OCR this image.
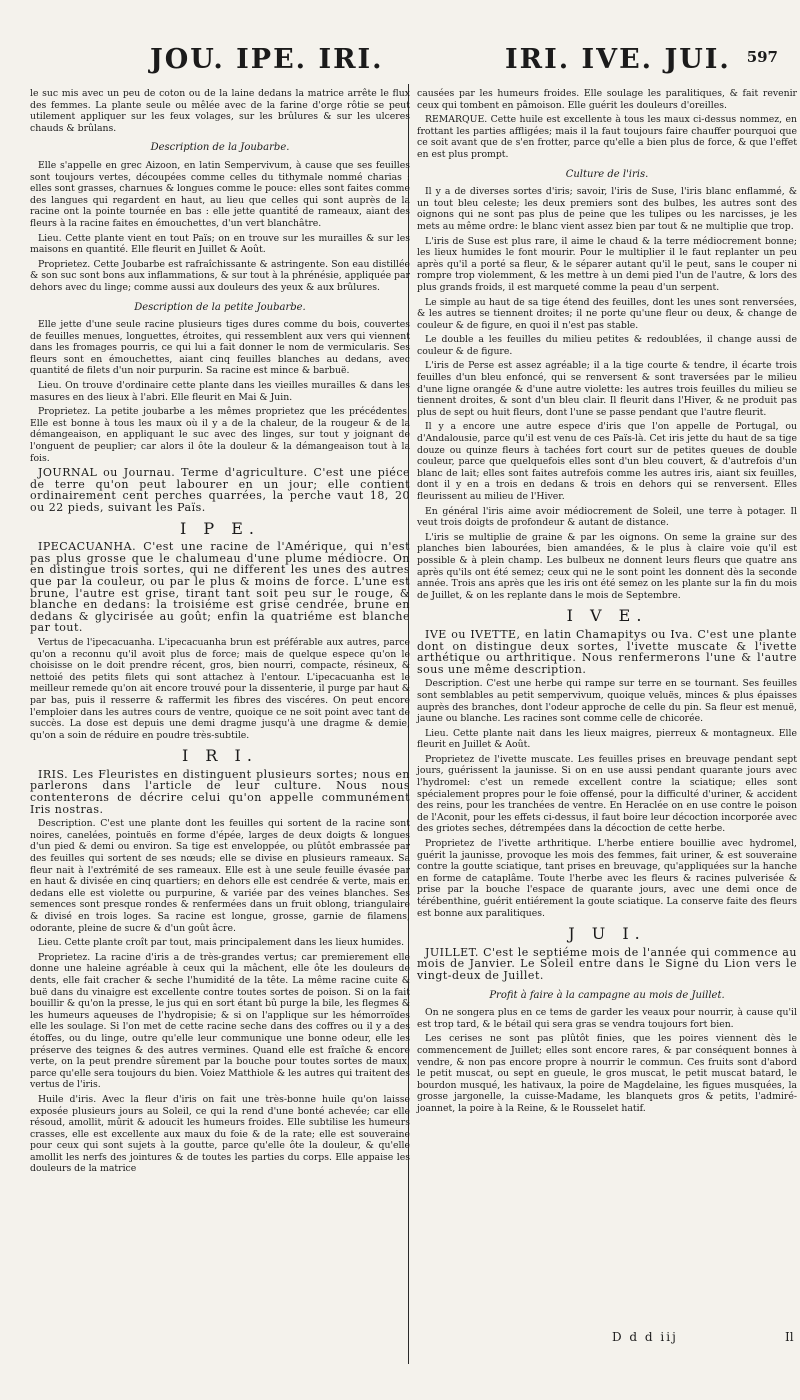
JOU. IPE. IRI.	IRI. IVE. JUI. 597

le suc mis avec un peu de coton ou de la laine dedans la matrice arrête le flux des femmes. La plante seule ou mêlée avec de la farine d'orge rôtie se peut utilement appliquer sur les feux volages, sur les brûlures & sur les ulceres chauds & brûlans.

Description de la Joubarbe.

Elle s'appelle en grec Aizoon, en latin Sempervivum, à cause que ses feuilles sont toujours vertes, découpées comme celles du tithymale nommé charias : elles sont grasses, charnues & longues comme le pouce: elles sont faites comme des langues qui regardent en haut, au lieu que celles qui sont auprès de la racine ont la pointe tournée en bas : elle jette quantité de rameaux, aiant des fleurs à la racine faites en émouchettes, d'un vert blanchâtre.

Lieu. Cette plante vient en tout Païs; on en trouve sur les murailles & sur les maisons en quantité. Elle fleurit en Juillet & Août.

Proprietez. Cette Joubarbe est rafraîchissante & astringente. Son eau distillée & son suc sont bons aux inflammations, & sur tout à la phrénésie, appliquée par dehors avec du linge; comme aussi aux douleurs des yeux & aux brûlures.

Description de la petite Joubarbe.

Elle jette d'une seule racine plusieurs tiges dures comme du bois, couvertes de feuilles menues, longuettes, étroites, qui ressemblent aux vers qui viennent dans les fromages pourris, ce qui lui a fait donner le nom de vermicularis. Ses fleurs sont en émouchettes, aiant cinq feuilles blanches au dedans, avec quantité de filets d'un noir purpurin. Sa racine est mince & barbuë.

Lieu. On trouve d'ordinaire cette plante dans les vieilles murailles & dans les masures en des lieux à l'abri. Elle fleurit en Mai & Juin.

Proprietez. La petite joubarbe a les mêmes proprietez que les précédentes. Elle est bonne à tous les maux où il y a de la chaleur, de la rougeur & de la démangeaison, en appliquant le suc avec des linges, sur tout y joignant de l'onguent de peuplier; car alors il ôte la douleur & la démangeaison tout à la fois.

JOURNAL ou Journau. Terme d'agriculture. C'est une piéce de terre qu'on peut labourer en un jour; elle contient ordinairement cent perches quarrées, la perche vaut 18, 20 ou 22 pieds, suivant les Païs.

I P E.

IPECACUANHA. C'est une racine de l'Amérique, qui n'est pas plus grosse que le chalumeau d'une plume médiocre. On en distingue trois sortes, qui ne different les unes des autres que par la couleur, ou par le plus & moins de force. L'une est brune, l'autre est grise, tirant tant soit peu sur le rouge, & blanche en dedans: la troisiéme est grise cendrée, brune en dedans & glycirisée au goût; enfin la quatriéme est blanche par tout.

Vertus de l'ipecacuanha. L'ipecacuanha brun est préférable aux autres, parce qu'on a reconnu qu'il avoit plus de force; mais de quelque espece qu'on le choisisse on le doit prendre récent, gros, bien nourri, compacte, résineux, & nettoié des petits filets qui sont attachez à l'entour. L'ipecacuanha est le meilleur remede qu'on ait encore trouvé pour la dissenterie, il purge par haut & par bas, puis il resserre & raffermit les fibres des viscéres. On peut encore l'emploier dans les autres cours de ventre, quoique ce ne soit point avec tant de succès. La dose est depuis une demi dragme jusqu'à une dragme & demie, qu'on a soin de réduire en poudre très-subtile.

I R I.

IRIS. Les Fleuristes en distinguent plusieurs sortes; nous en parlerons dans l'article de leur culture. Nous nous contenterons de décrire celui qu'on appelle communément Iris nostras.

Description. C'est une plante dont les feuilles qui sortent de la racine sont noires, canelées, pointuës en forme d'épée, larges de deux doigts & longues d'un pied & demi ou environ. Sa tige est enveloppée, ou plûtôt embrassée par des feuilles qui sortent de ses nœuds; elle se divise en plusieurs rameaux. Sa fleur nait à l'extrémité de ses rameaux. Elle est à une seule feuille évasée par en haut & divisée en cinq quartiers; en dehors elle est cendrée & verte, mais en dedans elle est violette ou purpurine, & variée par des veines blanches. Ses semences sont presque rondes & renfermées dans un fruit oblong, triangulaire & divisé en trois loges. Sa racine est longue, grosse, garnie de filamens, odorante, pleine de sucre & d'un goût âcre.

Lieu. Cette plante croît par tout, mais principalement dans les lieux humides.

Proprietez. La racine d'iris a de très-grandes vertus; car premierement elle donne une haleine agréable à ceux qui la mâchent, elle ôte les douleurs de dents, elle fait cracher & seche l'humidité de la tête. La même racine cuite & buë dans du vinaigre est excellente contre toutes sortes de poison. Si on la fait bouillir & qu'on la presse, le jus qui en sort étant bû purge la bile, les flegmes & les humeurs aqueuses de l'hydropisie; & si on l'applique sur les hémorroïdes elle les soulage. Si l'on met de cette racine seche dans des coffres ou il y a des étoffes, ou du linge, outre qu'elle leur communique une bonne odeur, elle les préserve des teignes & des autres vermines. Quand elle est fraîche & encore verte, on la peut prendre sûrement par la bouche pour toutes sortes de maux, parce qu'elle sera toujours du bien. Voiez Matthiole & les autres qui traitent des vertus de l'iris.

Huile d'iris. Avec la fleur d'iris on fait une très-bonne huile qu'on laisse exposée plusieurs jours au Soleil, ce qui la rend d'une bonté achevée; car elle résoud, amollit, mûrit & adoucit les humeurs froides. Elle subtilise les humeurs crasses, elle est excellente aux maux du foie & de la rate; elle est souveraine pour ceux qui sont sujets à la goutte, parce qu'elle ôte la douleur, & qu'elle amollit les nerfs des jointures & de toutes les parties du corps. Elle appaise les douleurs de la matrice

causées par les humeurs froides. Elle soulage les paralitiques, & fait revenir ceux qui tombent en pâmoison. Elle guérit les douleurs d'oreilles.

REMARQUE. Cette huile est excellente à tous les maux ci-dessus nommez, en frottant les parties affligées; mais il la faut toujours faire chauffer pourquoi que ce soit avant que de s'en frotter, parce qu'elle a bien plus de force, & que l'effet en est plus prompt.

Culture de l'iris.

Il y a de diverses sortes d'iris; savoir, l'iris de Suse, l'iris blanc enflammé, & un tout bleu celeste; les deux premiers sont des bulbes, les autres sont des oignons qui ne sont pas plus de peine que les tulipes ou les narcisses, je les mets au même ordre: le blanc vient assez bien par tout & ne multiplie que trop.

L'iris de Suse est plus rare, il aime le chaud & la terre médiocrement bonne; les lieux humides le font mourir. Pour le multiplier il le faut replanter un peu après qu'il a porté sa fleur, & le séparer autant qu'il le peut, sans le couper ni rompre trop violemment, & les mettre à un demi pied l'un de l'autre, & lors des plus grands froids, il est marqueté comme la peau d'un serpent.

Le simple au haut de sa tige étend des feuilles, dont les unes sont renversées, & les autres se tiennent droites; il ne porte qu'une fleur ou deux, & change de couleur & de figure, en quoi il n'est pas stable.

Le double a les feuilles du milieu petites & redoublées, il change aussi de couleur & de figure.

L'iris de Perse est assez agréable; il a la tige courte & tendre, il écarte trois feuilles d'un bleu enfoncé, qui se renversent & sont traversées par le milieu d'une ligne orangée & d'une autre violette: les autres trois feuilles du milieu se tiennent droites, & sont d'un bleu clair. Il fleurit dans l'Hiver, & ne produit pas plus de sept ou huit fleurs, dont l'une se passe pendant que l'autre fleurit.

Il y a encore une autre espece d'iris que l'on appelle de Portugal, ou d'Andalousie, parce qu'il est venu de ces Païs-là. Cet iris jette du haut de sa tige douze ou quinze fleurs à tachées fort court sur de petites queues de double couleur, parce que quelquefois elles sont d'un bleu couvert, & d'autrefois d'un blanc de lait; elles sont faites autrefois comme les autres iris, aiant six feuilles, dont il y en a trois en dedans & trois en dehors qui se renversent. Elles fleurissent au milieu de l'Hiver.

En général l'iris aime avoir médiocrement de Soleil, une terre à potager. Il veut trois doigts de profondeur & autant de distance.

L'iris se multiplie de graine & par les oignons. On seme la graine sur des planches bien labourées, bien amandées, & le plus à claire voie qu'il est possible & à plein champ. Les bulbeux ne donnent leurs fleurs que quatre ans après qu'ils ont été semez; ceux qui ne le sont point les donnent dès la seconde année. Trois ans après que les iris ont été semez on les plante sur la fin du mois de Juillet, & on les replante dans le mois de Septembre.

I V E.

IVE ou IVETTE, en latin Chamapitys ou Iva. C'est une plante dont on distingue deux sortes, l'ivette muscate & l'ivette arthétique ou arthritique. Nous renfermerons l'une & l'autre sous une même description.

Description. C'est une herbe qui rampe sur terre en se tournant. Ses feuilles sont semblables au petit sempervivum, quoique veluës, minces & plus épaisses auprès des branches, dont l'odeur approche de celle du pin. Sa fleur est menuë, jaune ou blanche. Les racines sont comme celle de chicorée.

Lieu. Cette plante nait dans les lieux maigres, pierreux & montagneux. Elle fleurit en Juillet & Août.

Proprietez de l'ivette muscate. Les feuilles prises en breuvage pendant sept jours, guérissent la jaunisse. Si on en use aussi pendant quarante jours avec l'hydromel: c'est un remede excellent contre la sciatique; elles sont spécialement propres pour le foie offensé, pour la difficulté d'uriner, & accident des reins, pour les tranchées de ventre. En Heraclée on en use contre le poison de l'Aconit, pour les effets ci-dessus, il faut boire leur décoction incorporée avec des griotes seches, détrempées dans la décoction de cette herbe.

Proprietez de l'ivette arthritique. L'herbe entiere bouillie avec hydromel, guérit la jaunisse, provoque les mois des femmes, fait uriner, & est souveraine contre la goutte sciatique, tant prises en breuvage, qu'appliquées sur la hanche en forme de cataplâme. Toute l'herbe avec les fleurs & racines pulverisée & prise par la bouche l'espace de quarante jours, avec une demi once de térébenthine, guérit entiérement la goute sciatique. La conserve faite des fleurs est bonne aux paralitiques.

J U I.

JUILLET. C'est le septiéme mois de l'année qui commence au mois de Janvier. Le Soleil entre dans le Signe du Lion vers le vingt-deux de Juillet.

Profit à faire à la campagne au mois de Juillet.

On ne songera plus en ce tems de garder les veaux pour nourrir, à cause qu'il est trop tard, & le bétail qui sera gras se vendra toujours fort bien.

Les cerises ne sont pas plûtôt finies, que les poires viennent dès le commencement de Juillet; elles sont encore rares, & par conséquent bonnes à vendre, & non pas encore propre à nourrir le commun. Ces fruits sont d'abord le petit muscat, ou sept en gueule, le gros muscat, le petit muscat batard, le bourdon musqué, les hativaux, la poire de Magdelaine, les figues musquées, la grosse jargonelle, la cuisse-Madame, les blanquets gros & petits, l'admiré-joannet, la poire à la Reine, & le Rousselet hatif.

D d d iij	Il
